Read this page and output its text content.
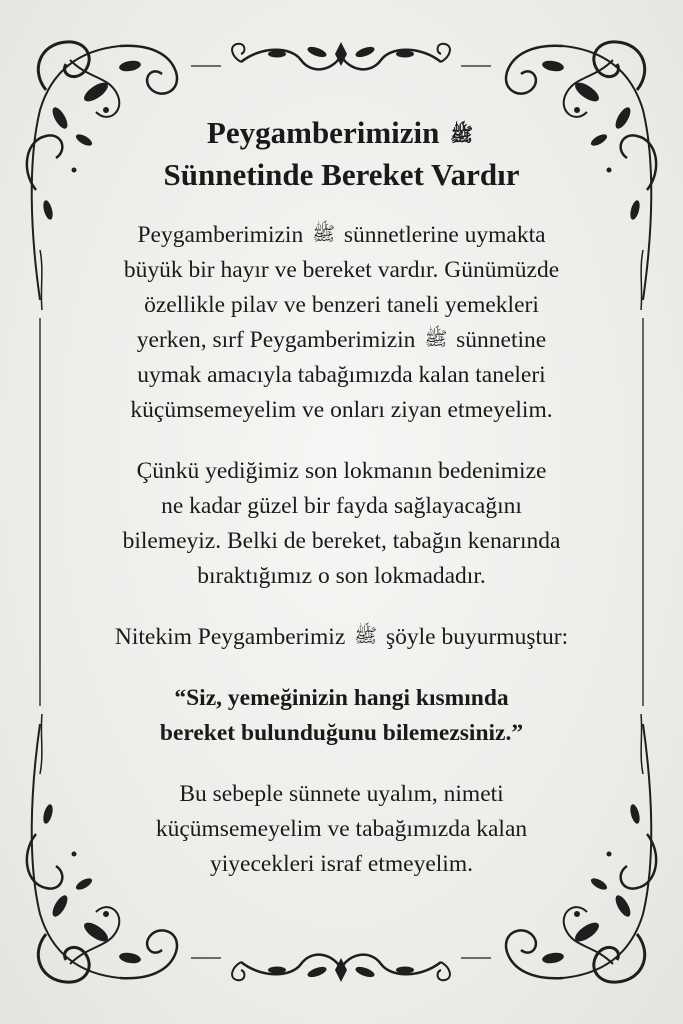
Peygamberimizin ﷺ
Sünnetinde Bereket Vardır
Peygamberimizin ﷺ sünnetlerine uymakta
büyük bir hayır ve bereket vardır. Günümüzde
özellikle pilav ve benzeri taneli yemekleri
yerken, sırf Peygamberimizin ﷺ sünnetine
uymak amacıyla tabağımızda kalan taneleri
küçümsemeyelim ve onları ziyan etmeyelim.
Çünkü yediğimiz son lokmanın bedenimize
ne kadar güzel bir fayda sağlayacağını
bilemeyiz. Belki de bereket, tabağın kenarında
bıraktığımız o son lokmadadır.
Nitekim Peygamberimiz ﷺ şöyle buyurmuştur:
“Siz, yemeğinizin hangi kısmında
bereket bulunduğunu bilemezsiniz.”
Bu sebeple sünnete uyalım, nimeti
küçümsemeyelim ve tabağımızda kalan
yiyecekleri israf etmeyelim.
